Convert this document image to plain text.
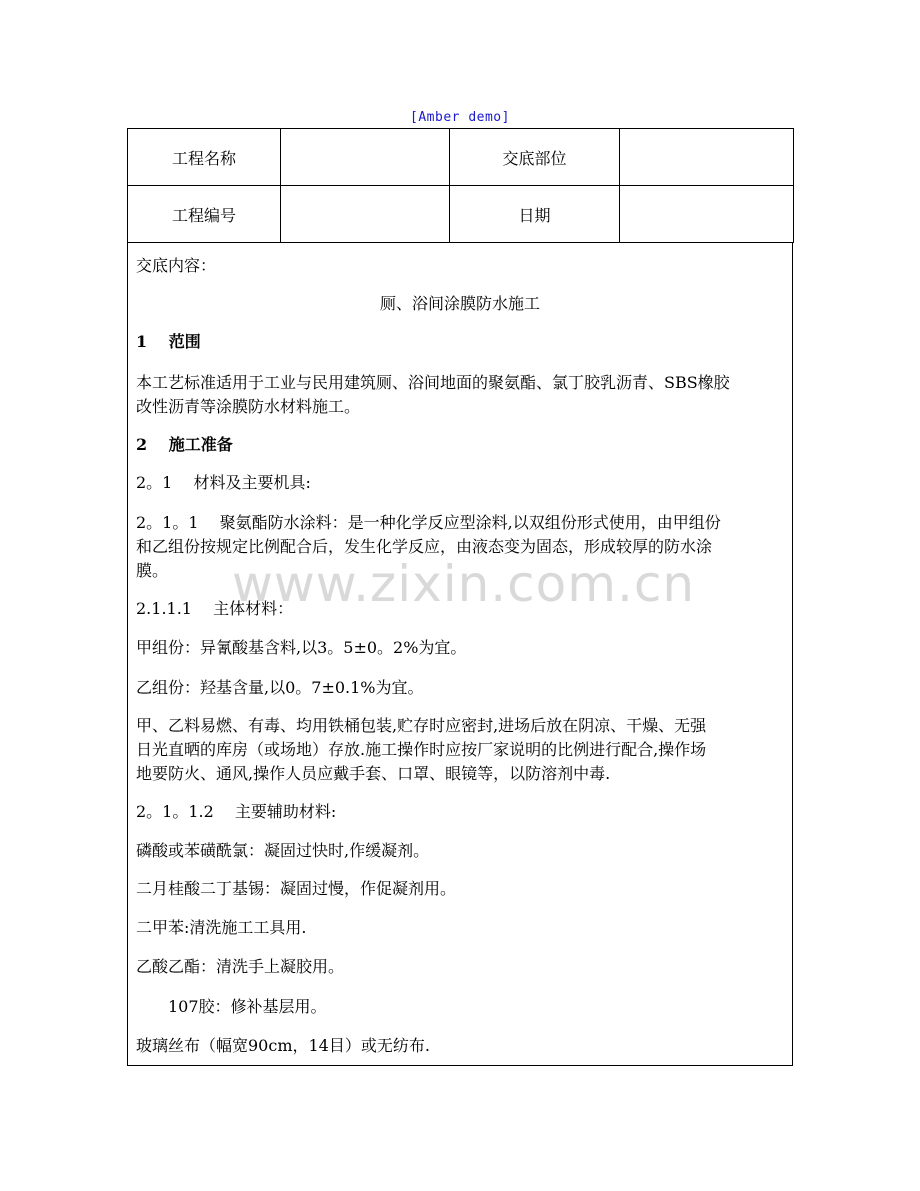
[Amber demo]
工程名称		交底部位	
工程编号		日期	
交底内容：
厕、浴间涂膜防水施工
1　 范围
本工艺标准适用于工业与民用建筑厕、浴间地面的聚氨酯、氯丁胶乳沥青、SBS橡胶
改性沥青等涂膜防水材料施工。
2　 施工准备
2。1　 材料及主要机具:
2。1。1　 聚氨酯防水涂料：是一种化学反应型涂料,以双组份形式使用，由甲组份
和乙组份按规定比例配合后，发生化学反应，由液态变为固态，形成较厚的防水涂
膜。
2.1.1.1　 主体材料：
甲组份：异氰酸基含料,以3。5±0。2%为宜。
乙组份：羟基含量,以0。7±0.1%为宜。
甲、乙料易燃、有毒、均用铁桶包装,贮存时应密封,进场后放在阴凉、干燥、无强
日光直晒的库房（或场地）存放.施工操作时应按厂家说明的比例进行配合,操作场
地要防火、通风,操作人员应戴手套、口罩、眼镜等，以防溶剂中毒.
2。1。1.2　 主要辅助材料:
磷酸或苯磺酰氯：凝固过快时,作缓凝剂。
二月桂酸二丁基锡：凝固过慢，作促凝剂用。
二甲苯:清洗施工工具用.
乙酸乙酯：清洗手上凝胶用。
　　107胶：修补基层用。
玻璃丝布（幅宽90cm，14目）或无纺布.
www.zixin.com.cn
